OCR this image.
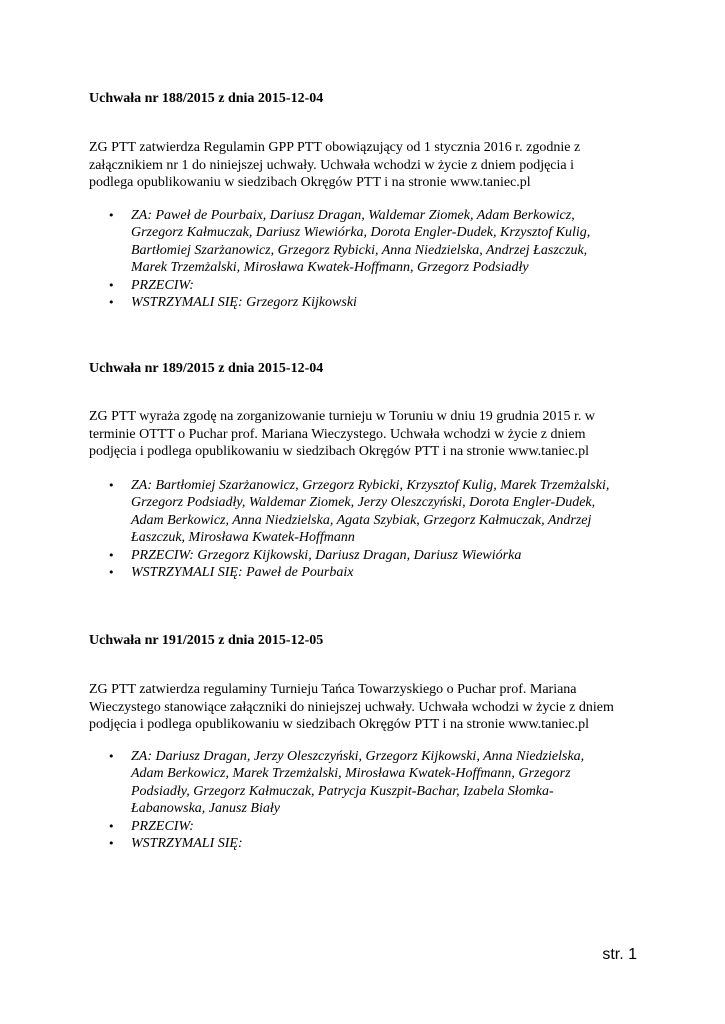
Uchwała nr 188/2015 z dnia 2015-12-04

ZG PTT zatwierdza Regulamin GPP PTT obowiązujący od 1 stycznia 2016 r. zgodnie z
załącznikiem nr 1 do niniejszej uchwały. Uchwała wchodzi w życie z dniem podjęcia i
podlega opublikowaniu w siedzibach Okręgów PTT i na stronie www.taniec.pl

• ZA: Paweł de Pourbaix, Dariusz Dragan, Waldemar Ziomek, Adam Berkowicz,
Grzegorz Kałmuczak, Dariusz Wiewiórka, Dorota Engler-Dudek, Krzysztof Kulig,
Bartłomiej Szarżanowicz, Grzegorz Rybicki, Anna Niedzielska, Andrzej Łaszczuk,
Marek Trzemżalski, Mirosława Kwatek-Hoffmann, Grzegorz Podsiadły
• PRZECIW:
• WSTRZYMALI SIĘ: Grzegorz Kijkowski
Uchwała nr 189/2015 z dnia 2015-12-04

ZG PTT wyraża zgodę na zorganizowanie turnieju w Toruniu w dniu 19 grudnia 2015 r. w
terminie OTTT o Puchar prof. Mariana Wieczystego. Uchwała wchodzi w życie z dniem
podjęcia i podlega opublikowaniu w siedzibach Okręgów PTT i na stronie www.taniec.pl

• ZA: Bartłomiej Szarżanowicz, Grzegorz Rybicki, Krzysztof Kulig, Marek Trzemżalski,
Grzegorz Podsiadły, Waldemar Ziomek, Jerzy Oleszczyński, Dorota Engler-Dudek,
Adam Berkowicz, Anna Niedzielska, Agata Szybiak, Grzegorz Kałmuczak, Andrzej
Łaszczuk, Mirosława Kwatek-Hoffmann
• PRZECIW: Grzegorz Kijkowski, Dariusz Dragan, Dariusz Wiewiórka
• WSTRZYMALI SIĘ: Paweł de Pourbaix
Uchwała nr 191/2015 z dnia 2015-12-05

ZG PTT zatwierdza regulaminy Turnieju Tańca Towarzyskiego o Puchar prof. Mariana
Wieczystego stanowiące załączniki do niniejszej uchwały. Uchwała wchodzi w życie z dniem
podjęcia i podlega opublikowaniu w siedzibach Okręgów PTT i na stronie www.taniec.pl

• ZA: Dariusz Dragan, Jerzy Oleszczyński, Grzegorz Kijkowski, Anna Niedzielska,
Adam Berkowicz, Marek Trzemżalski, Mirosława Kwatek-Hoffmann, Grzegorz
Podsiadły, Grzegorz Kałmuczak, Patrycja Kuszpit-Bachar, Izabela Słomka-
Łabanowska, Janusz Biały
• PRZECIW:
• WSTRZYMALI SIĘ:
str. 1
